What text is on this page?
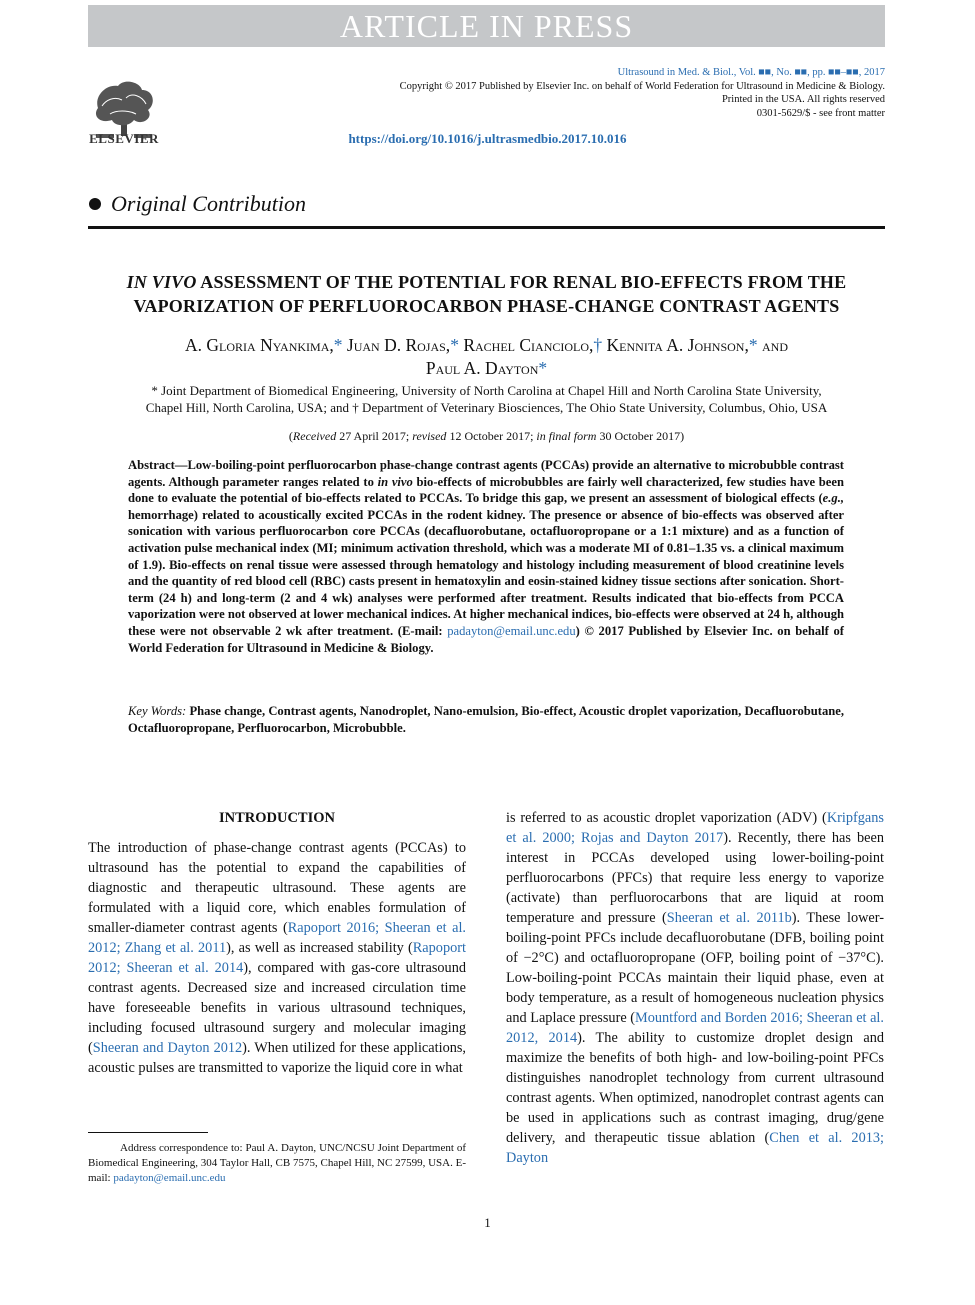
ARTICLE IN PRESS
ELSEVIER
Ultrasound in Med. & Biol., Vol. ■■, No. ■■, pp. ■■–■■, 2017
Copyright © 2017 Published by Elsevier Inc. on behalf of World Federation for Ultrasound in Medicine & Biology.
Printed in the USA. All rights reserved
0301-5629/$ - see front matter
https://doi.org/10.1016/j.ultrasmedbio.2017.10.016
Original Contribution
IN VIVO ASSESSMENT OF THE POTENTIAL FOR RENAL BIO-EFFECTS FROM THE VAPORIZATION OF PERFLUOROCARBON PHASE-CHANGE CONTRAST AGENTS
A. Gloria Nyankima,* Juan D. Rojas,* Rachel Cianciolo,† Kennita A. Johnson,* and
Paul A. Dayton*
* Joint Department of Biomedical Engineering, University of North Carolina at Chapel Hill and North Carolina State University,
Chapel Hill, North Carolina, USA; and † Department of Veterinary Biosciences, The Ohio State University, Columbus, Ohio, USA
(Received 27 April 2017; revised 12 October 2017; in final form 30 October 2017)
Abstract—Low-boiling-point perfluorocarbon phase-change contrast agents (PCCAs) provide an alternative to microbubble contrast agents. Although parameter ranges related to in vivo bio-effects of microbubbles are fairly well characterized, few studies have been done to evaluate the potential of bio-effects related to PCCAs. To bridge this gap, we present an assessment of biological effects (e.g., hemorrhage) related to acoustically excited PCCAs in the rodent kidney. The presence or absence of bio-effects was observed after sonication with various perfluorocarbon core PCCAs (decafluorobutane, octafluoropropane or a 1:1 mixture) and as a function of activation pulse mechanical index (MI; minimum activation threshold, which was a moderate MI of 0.81–1.35 vs. a clinical maximum of 1.9). Bio-effects on renal tissue were assessed through hematology and histology including measurement of blood creatinine levels and the quantity of red blood cell (RBC) casts present in hematoxylin and eosin-stained kidney tissue sections after sonication. Short-term (24 h) and long-term (2 and 4 wk) analyses were performed after treatment. Results indicated that bio-effects from PCCA vaporization were not observed at lower mechanical indices. At higher mechanical indices, bio-effects were observed at 24 h, although these were not observable 2 wk after treatment. (E-mail: padayton@email.unc.edu) © 2017 Published by Elsevier Inc. on behalf of World Federation for Ultrasound in Medicine & Biology.
Key Words: Phase change, Contrast agents, Nanodroplet, Nano-emulsion, Bio-effect, Acoustic droplet vaporization, Decafluorobutane, Octafluoropropane, Perfluorocarbon, Microbubble.
INTRODUCTION

The introduction of phase-change contrast agents (PCCAs) to ultrasound has the potential to expand the capabilities of diagnostic and therapeutic ultrasound. These agents are formulated with a liquid core, which enables formulation of smaller-diameter contrast agents (Rapoport 2016; Sheeran et al. 2012; Zhang et al. 2011), as well as increased stability (Rapoport 2012; Sheeran et al. 2014), compared with gas-core ultrasound contrast agents. Decreased size and increased circulation time have foreseeable benefits in various ultrasound techniques, including focused ultrasound surgery and molecular imaging (Sheeran and Dayton 2012). When utilized for these applications, acoustic pulses are transmitted to vaporize the liquid core in what

is referred to as acoustic droplet vaporization (ADV) (Kripfgans et al. 2000; Rojas and Dayton 2017). Recently, there has been interest in PCCAs developed using lower-boiling-point perfluorocarbons (PFCs) that require less energy to vaporize (activate) than perfluorocarbons that are liquid at room temperature and pressure (Sheeran et al. 2011b). These lower-boiling-point PFCs include decafluorobutane (DFB, boiling point of −2°C) and octafluoropropane (OFP, boiling point of −37°C). Low-boiling-point PCCAs maintain their liquid phase, even at body temperature, as a result of homogeneous nucleation physics and Laplace pressure (Mountford and Borden 2016; Sheeran et al. 2012, 2014). The ability to customize droplet design and maximize the benefits of both high- and low-boiling-point PFCs distinguishes nanodroplet technology from current ultrasound contrast agents. When optimized, nanodroplet contrast agents can be used in applications such as contrast imaging, drug/gene delivery, and therapeutic tissue ablation (Chen et al. 2013; Dayton

Address correspondence to: Paul A. Dayton, UNC/NCSU Joint Department of Biomedical Engineering, 304 Taylor Hall, CB 7575, Chapel Hill, NC 27599, USA. E-mail: padayton@email.unc.edu
1
